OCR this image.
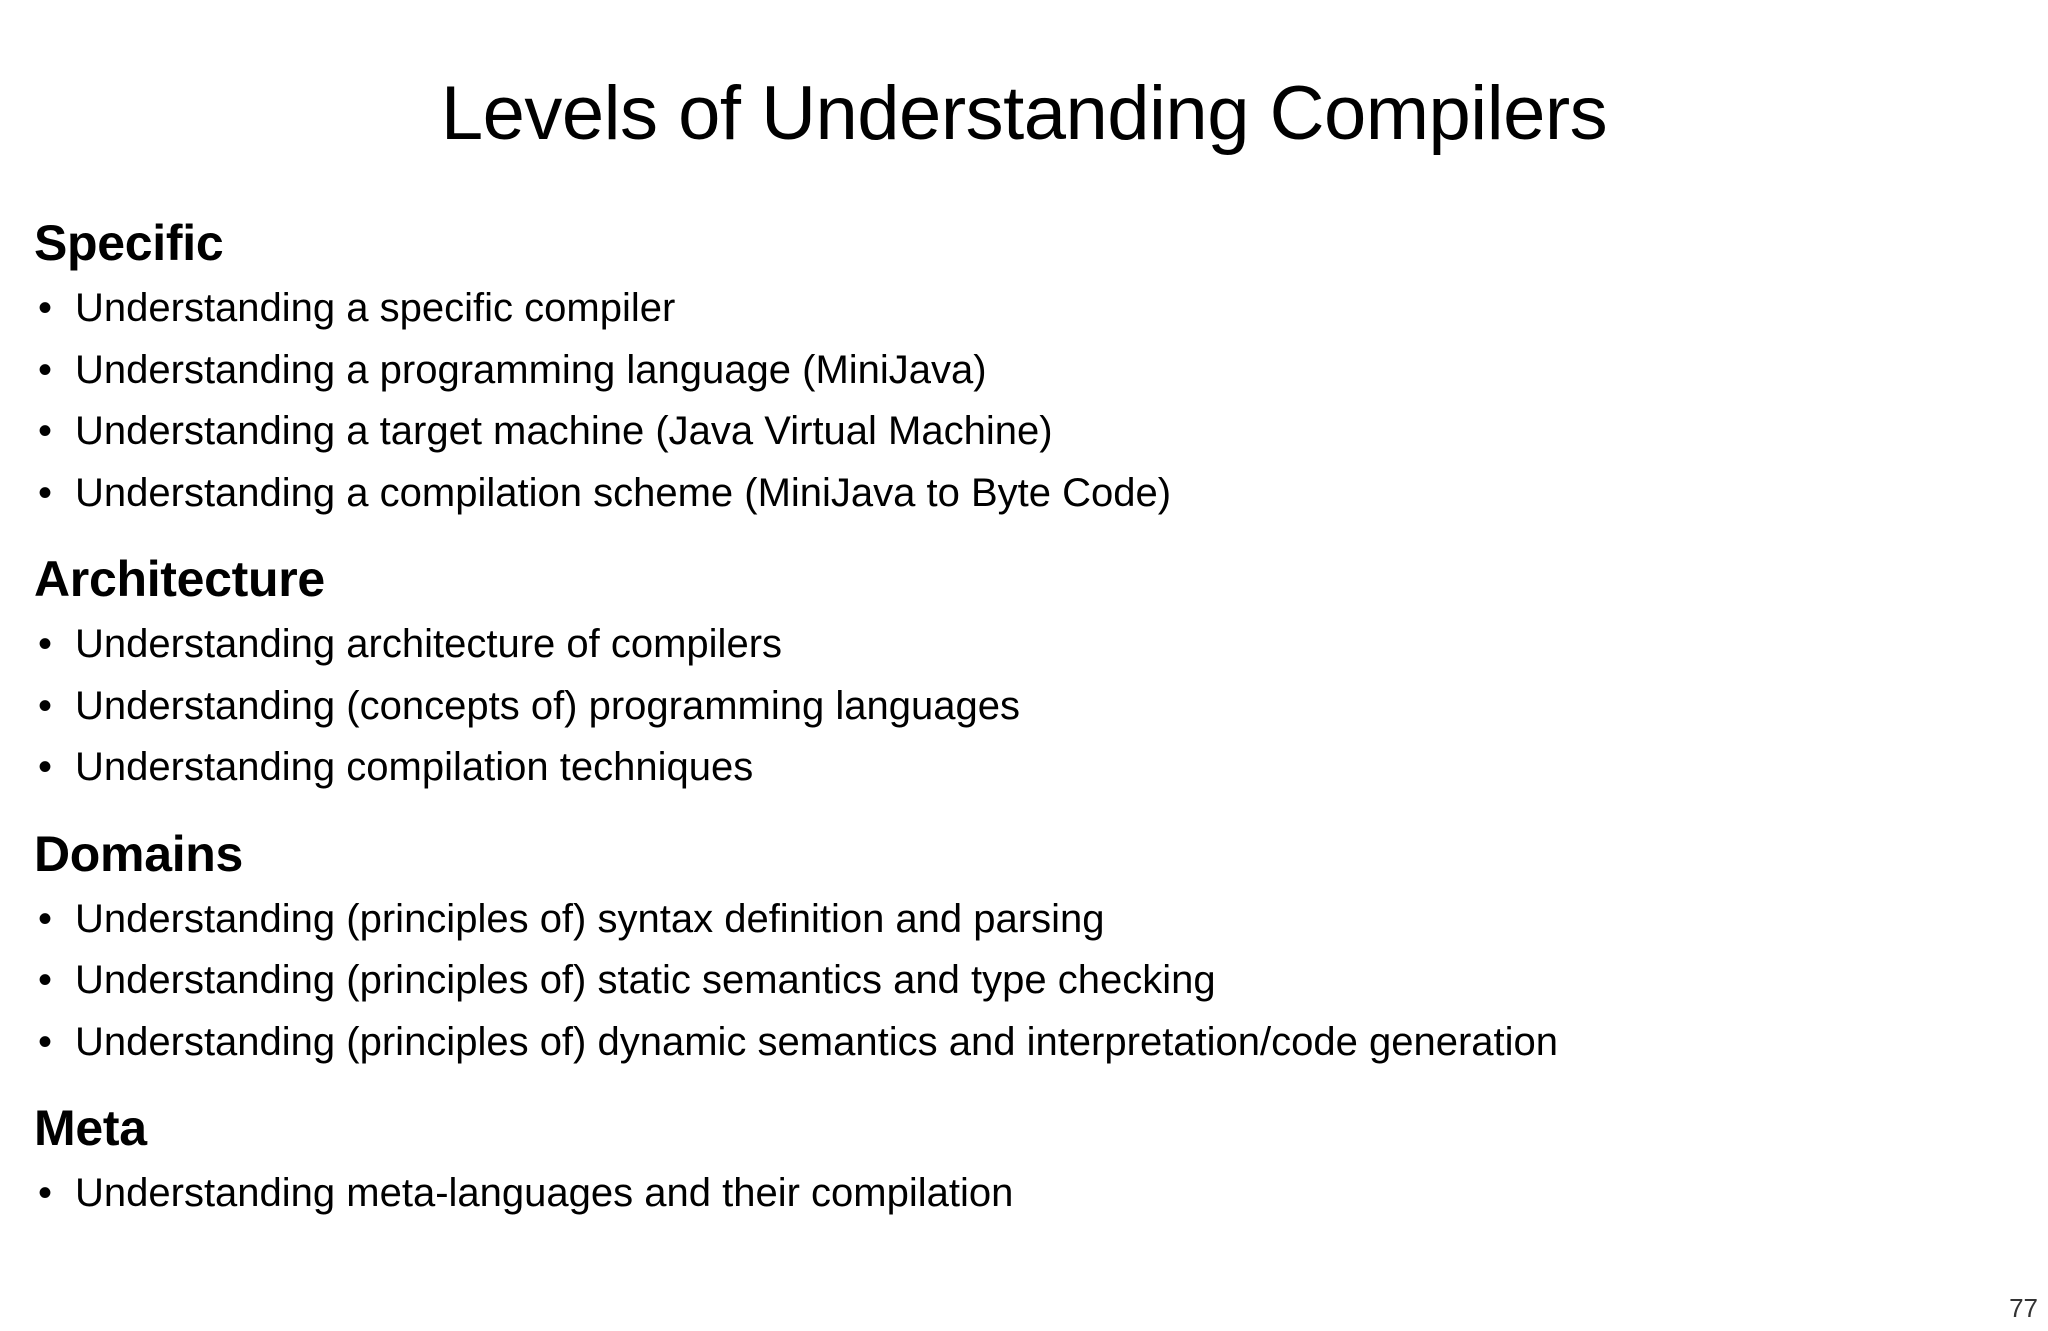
Levels of Understanding Compilers
Specific
• Understanding a specific compiler
• Understanding a programming language (MiniJava)
• Understanding a target machine (Java Virtual Machine)
• Understanding a compilation scheme (MiniJava to Byte Code)
Architecture
• Understanding architecture of compilers
• Understanding (concepts of) programming languages
• Understanding compilation techniques
Domains
• Understanding (principles of) syntax definition and parsing
• Understanding (principles of) static semantics and type checking
• Understanding (principles of) dynamic semantics and interpretation/code generation
Meta
• Understanding meta-languages and their compilation
77
